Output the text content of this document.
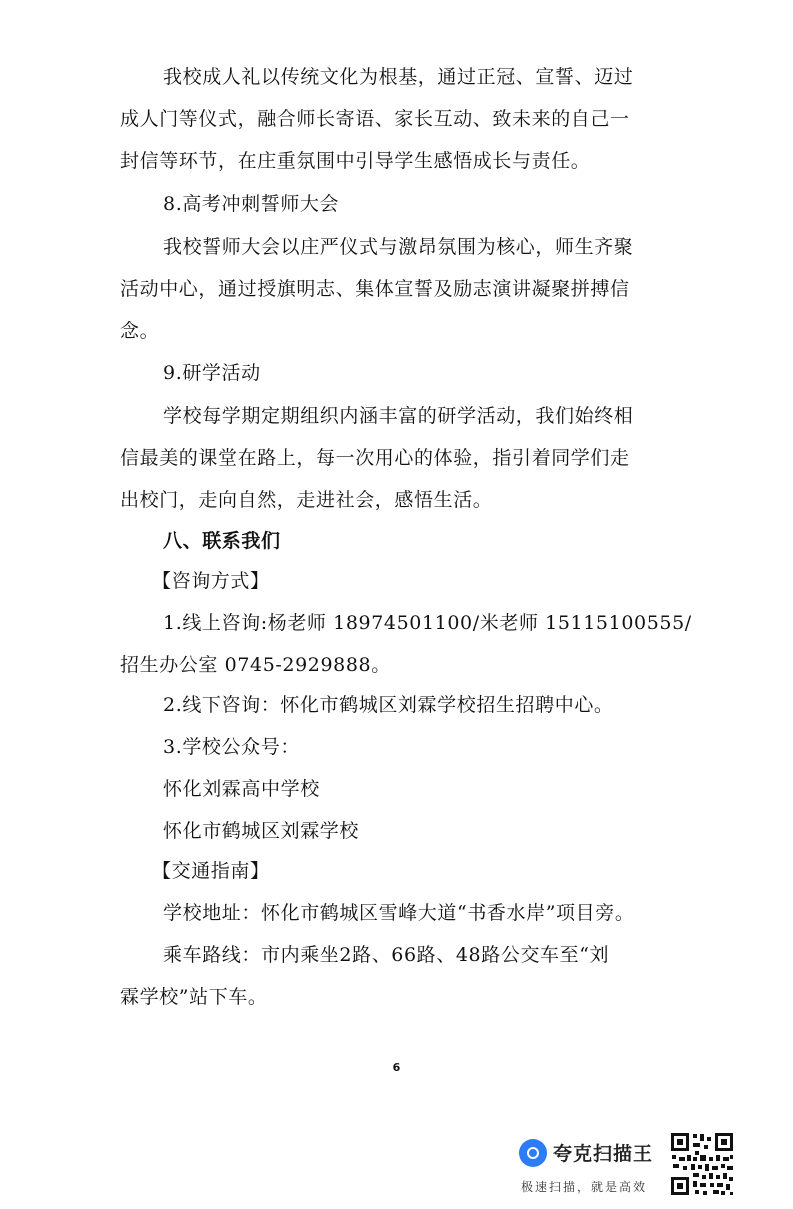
我校成人礼以传统文化为根基，通过正冠、宣誓、迈过
成人门等仪式，融合师长寄语、家长互动、致未来的自己一
封信等环节，在庄重氛围中引导学生感悟成长与责任。
8.高考冲刺誓师大会
我校誓师大会以庄严仪式与激昂氛围为核心，师生齐聚
活动中心，通过授旗明志、集体宣誓及励志演讲凝聚拼搏信
念。
9.研学活动
学校每学期定期组织内涵丰富的研学活动，我们始终相
信最美的课堂在路上，每一次用心的体验，指引着同学们走
出校门，走向自然，走进社会，感悟生活。
八、联系我们
【咨询方式】
1.线上咨询:杨老师 18974501100/米老师 15115100555/
招生办公室 0745-2929888。
2.线下咨询：怀化市鹤城区刘霖学校招生招聘中心。
3.学校公众号：
怀化刘霖高中学校
怀化市鹤城区刘霖学校
【交通指南】
学校地址：怀化市鹤城区雪峰大道“书香水岸”项目旁。
乘车路线：市内乘坐2路、66路、48路公交车至“刘
霖学校”站下车。
6
夸克扫描王
极速扫描，就是高效
